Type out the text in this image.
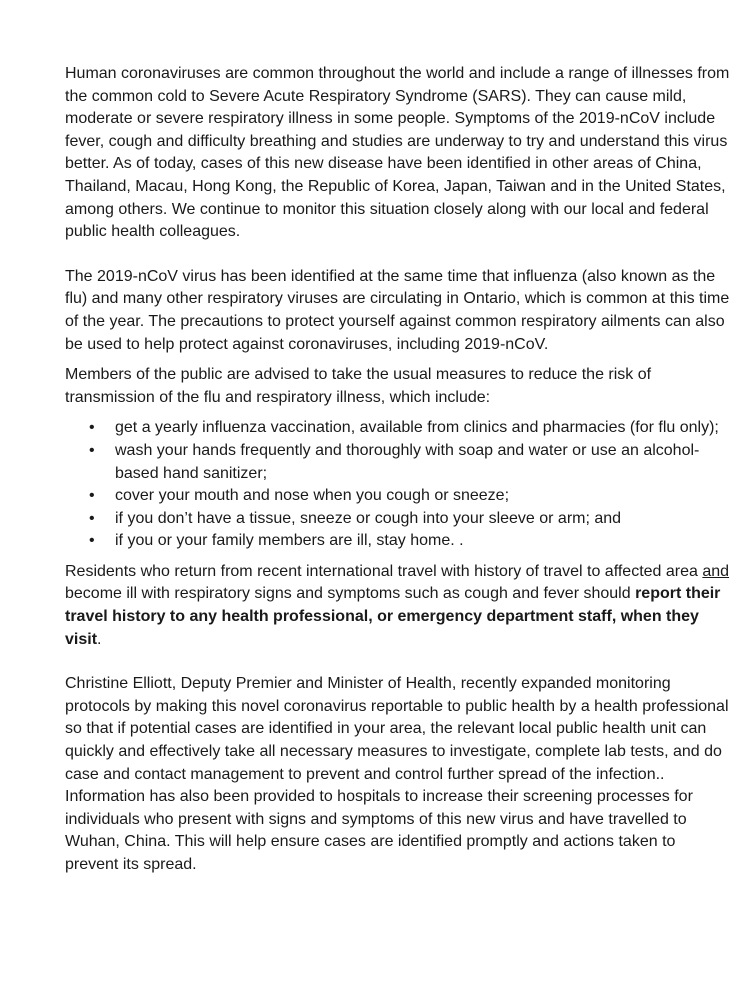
Human coronaviruses are common throughout the world and include a range of illnesses from the common cold to Severe Acute Respiratory Syndrome (SARS). They can cause mild, moderate or severe respiratory illness in some people. Symptoms of the 2019-nCoV include fever, cough and difficulty breathing and studies are underway to try and understand this virus better. As of today, cases of this new disease have been identified in other areas of China, Thailand, Macau, Hong Kong, the Republic of Korea, Japan, Taiwan and in the United States, among others. We continue to monitor this situation closely along with our local and federal public health colleagues.

The 2019-nCoV virus has been identified at the same time that influenza (also known as the flu) and many other respiratory viruses are circulating in Ontario, which is common at this time of the year. The precautions to protect yourself against common respiratory ailments can also be used to help protect against coronaviruses, including 2019-nCoV.

Members of the public are advised to take the usual measures to reduce the risk of transmission of the flu and respiratory illness, which include:

• get a yearly influenza vaccination, available from clinics and pharmacies (for flu only);
• wash your hands frequently and thoroughly with soap and water or use an alcohol-based hand sanitizer;
• cover your mouth and nose when you cough or sneeze;
• if you don’t have a tissue, sneeze or cough into your sleeve or arm; and
• if you or your family members are ill, stay home. .

Residents who return from recent international travel with history of travel to affected area and become ill with respiratory signs and symptoms such as cough and fever should report their travel history to any health professional, or emergency department staff, when they visit.

Christine Elliott, Deputy Premier and Minister of Health, recently expanded monitoring protocols by making this novel coronavirus reportable to public health by a health professional so that if potential cases are identified in your area, the relevant local public health unit can quickly and effectively take all necessary measures to investigate, complete lab tests, and do case and contact management to prevent and control further spread of the infection.. Information has also been provided to hospitals to increase their screening processes for individuals who present with signs and symptoms of this new virus and have travelled to Wuhan, China. This will help ensure cases are identified promptly and actions taken to prevent its spread.
